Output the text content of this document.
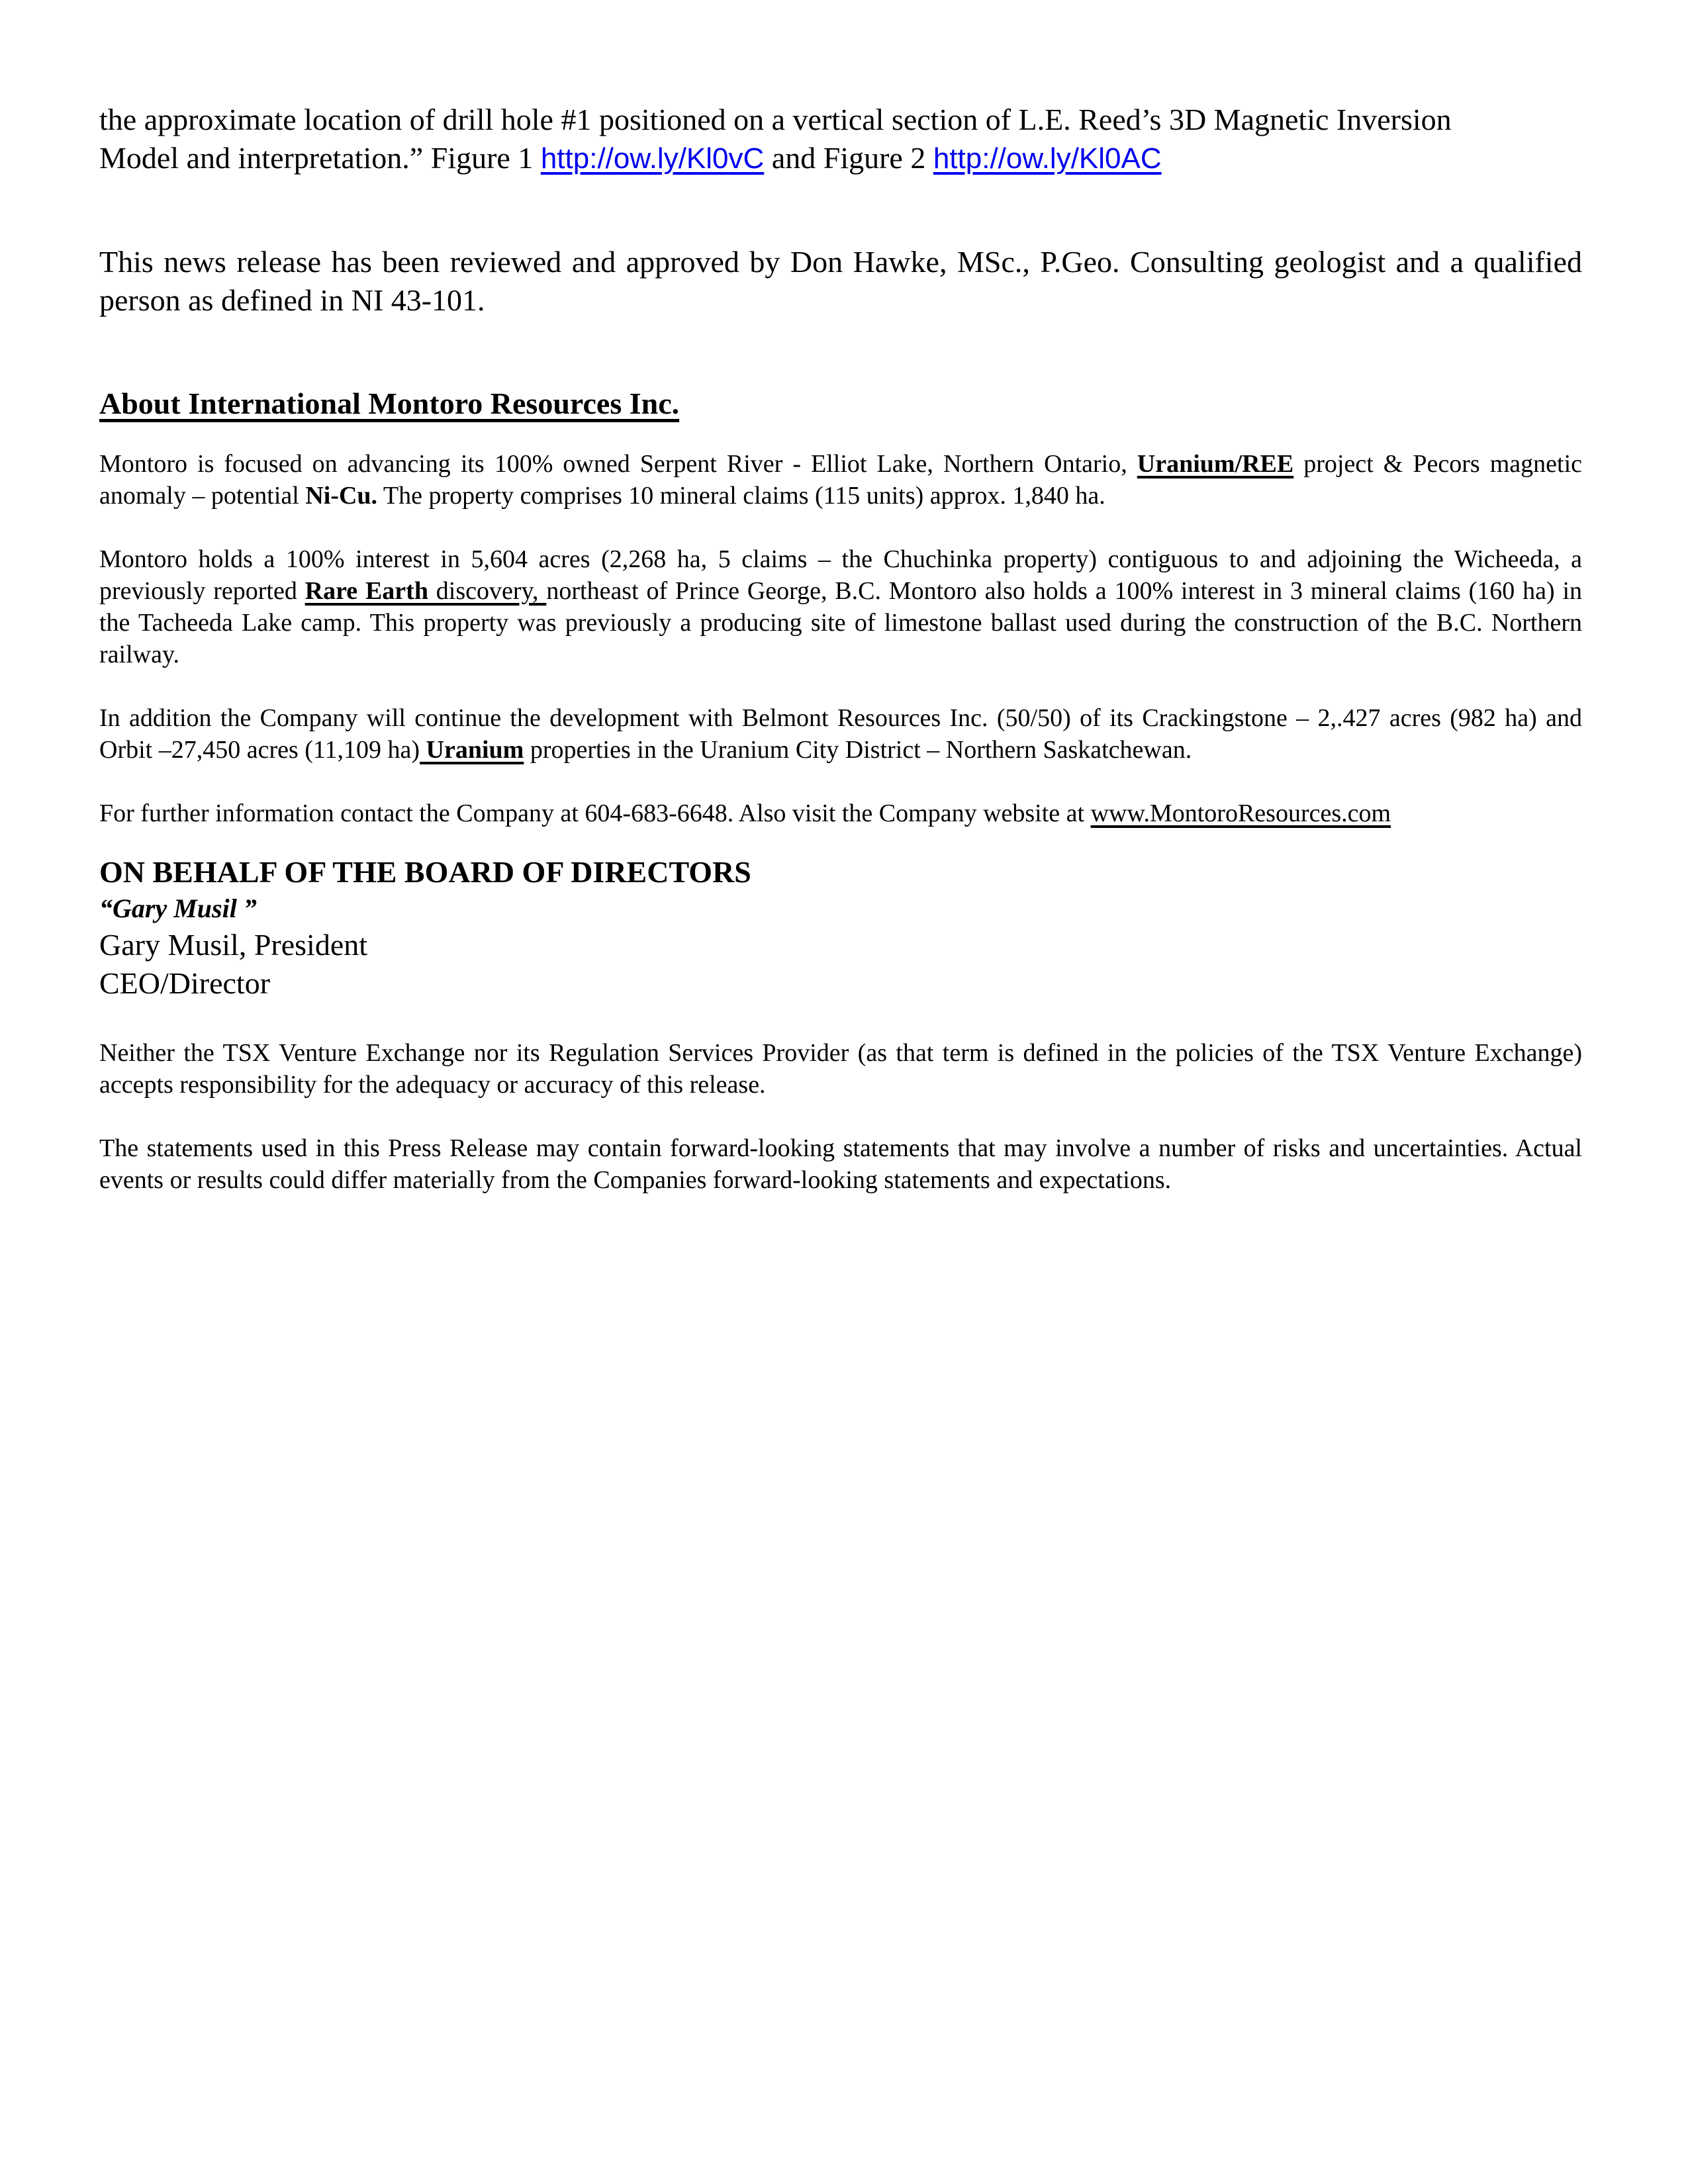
the approximate location of drill hole #1 positioned on a vertical section of L.E. Reed’s 3D Magnetic Inversion

Model and interpretation.” Figure 1 http://ow.ly/Kl0vC and Figure 2 http://ow.ly/Kl0AC

This news release has been reviewed and approved by Don Hawke, MSc., P.Geo. Consulting geologist and a qualified person as defined in NI 43-101.

About International Montoro Resources Inc.

Montoro is focused on advancing its 100% owned Serpent River - Elliot Lake, Northern Ontario, Uranium/REE project & Pecors magnetic anomaly – potential Ni-Cu. The property comprises 10 mineral claims (115 units) approx. 1,840 ha.

Montoro holds a 100% interest in 5,604 acres (2,268 ha, 5 claims – the Chuchinka property) contiguous to and adjoining the Wicheeda, a previously reported Rare Earth discovery, northeast of Prince George, B.C. Montoro also holds a 100% interest in 3 mineral claims (160 ha) in the Tacheeda Lake camp. This property was previously a producing site of limestone ballast used during the construction of the B.C. Northern railway.

In addition the Company will continue the development with Belmont Resources Inc. (50/50) of its Crackingstone – 2,.427 acres (982 ha) and Orbit –27,450 acres (11,109 ha) Uranium properties in the Uranium City District – Northern Saskatchewan.

For further information contact the Company at 604-683-6648. Also visit the Company website at www.MontoroResources.com

ON BEHALF OF THE BOARD OF DIRECTORS

“Gary Musil ”

Gary Musil, President

CEO/Director

Neither the TSX Venture Exchange nor its Regulation Services Provider (as that term is defined in the policies of the TSX Venture Exchange) accepts responsibility for the adequacy or accuracy of this release.

The statements used in this Press Release may contain forward-looking statements that may involve a number of risks and uncertainties. Actual events or results could differ materially from the Companies forward-looking statements and expectations.
